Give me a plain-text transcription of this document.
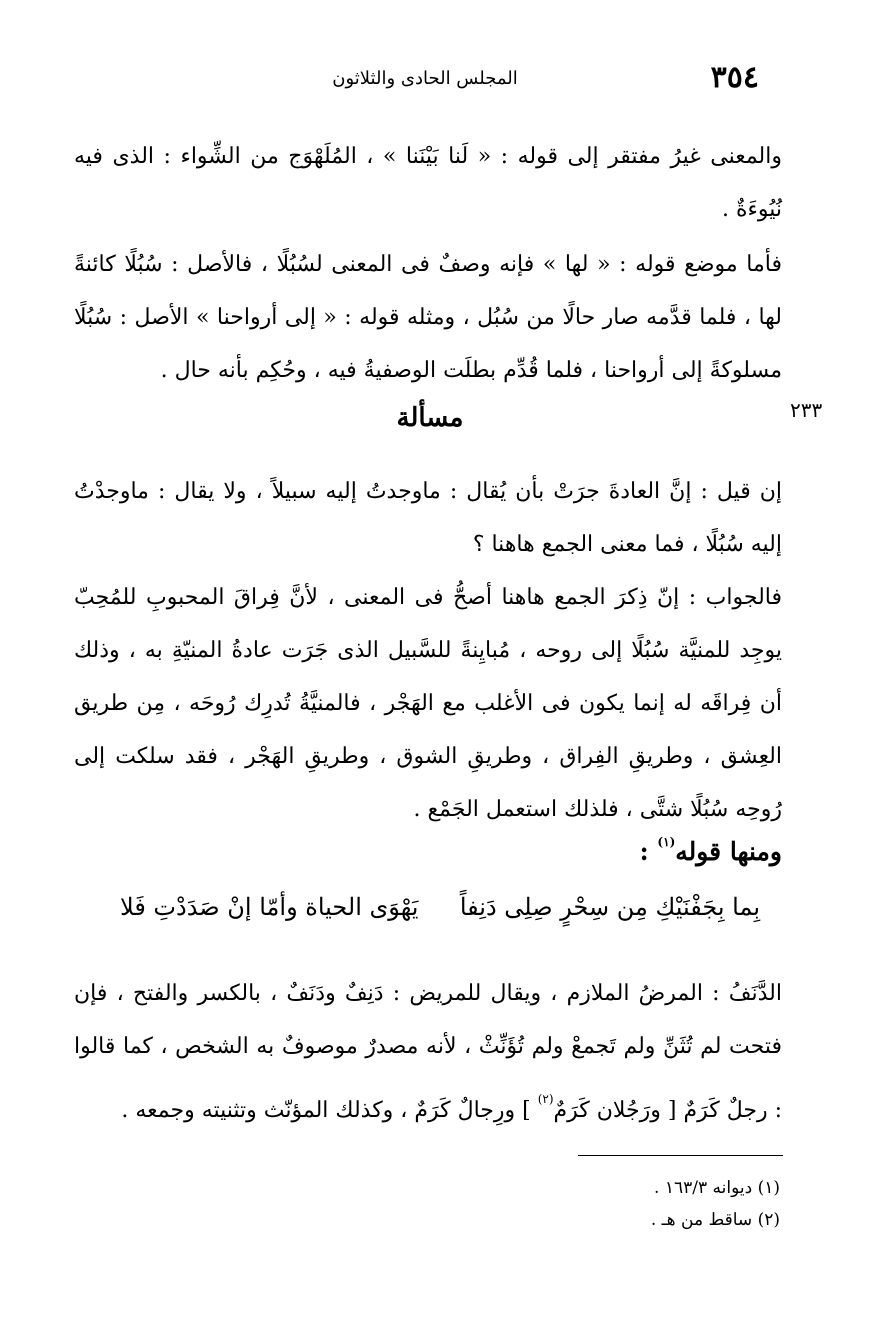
٣٥٤
المجلس الحادى والثلاثون
٢٣٣
والمعنى غيرُ مفتقر إلى قوله : « لَنا بَيْنَنا » ، المُلَهْوَج من الشِّواء : الذى فيه نُيُوءَةٌ .
فأما موضع قوله : « لها » فإنه وصفٌ فى المعنى لسُبُلًا ، فالأصل : سُبُلًا كائنةً لها ، فلما قدَّمه صار حالًا من سُبُل ، ومثله قوله : « إلى أرواحنا » الأصل : سُبُلًا مسلوكةً إلى أرواحنا ، فلما قُدِّم بطلَت الوصفيةُ فيه ، وحُكِم بأنه حال .
مسألة
إن قيل : إنَّ العادةَ جرَتْ بأن يُقال : ماوجدتُ إليه سبيلاً ، ولا يقال : ماوجدْتُ إليه سُبُلًا ، فما معنى الجمع هاهنا ؟
فالجواب : إنّ ذِكرَ الجمع هاهنا أصحُّ فى المعنى ، لأنَّ فِراقَ المحبوبِ للمُحِبّ يوجِد للمنيَّة سُبُلًا إلى روحه ، مُبايِنةً للسَّبيل الذى جَرَت عادةُ المنيّةِ به ، وذلك أن فِراقَه له إنما يكون فى الأغلب مع الهَجْر ، فالمنيَّةُ تُدرِك رُوحَه ، مِن طريق العِشق ، وطريقِ الفِراق ، وطريقِ الشوق ، وطريقِ الهَجْر ، فقد سلكت إلى رُوحِه سُبُلًا شتَّى ، فلذلك استعمل الجَمْع .
ومنها قوله$^{(١)}$ :
بِما بِجَفْنَيْكِ مِن سِحْرٍ صِلِى دَنِفاً
يَهْوَى الحياة وأمّا إنْ صَدَدْتِ فَلا
الدَّنَفُ : المرضُ الملازم ، ويقال للمريض : دَنِفٌ ودَنَفٌ ، بالكسر والفتح ، فإن فتحت لم تُثَنِّ ولم تَجمعْ ولم تُؤَنِّثْ ، لأنه مصدرٌ موصوفٌ به الشخص ، كما قالوا : رجلٌ كَرَمٌ [ ورَجُلان كَرَمٌ$^{(٢)}$ ] ورِجالٌ كَرَمٌ ، وكذلك المؤنّث وتثنيته وجمعه .
(١) ديوانه ١٦٣/٣ .
(٢) ساقط من هـ .
